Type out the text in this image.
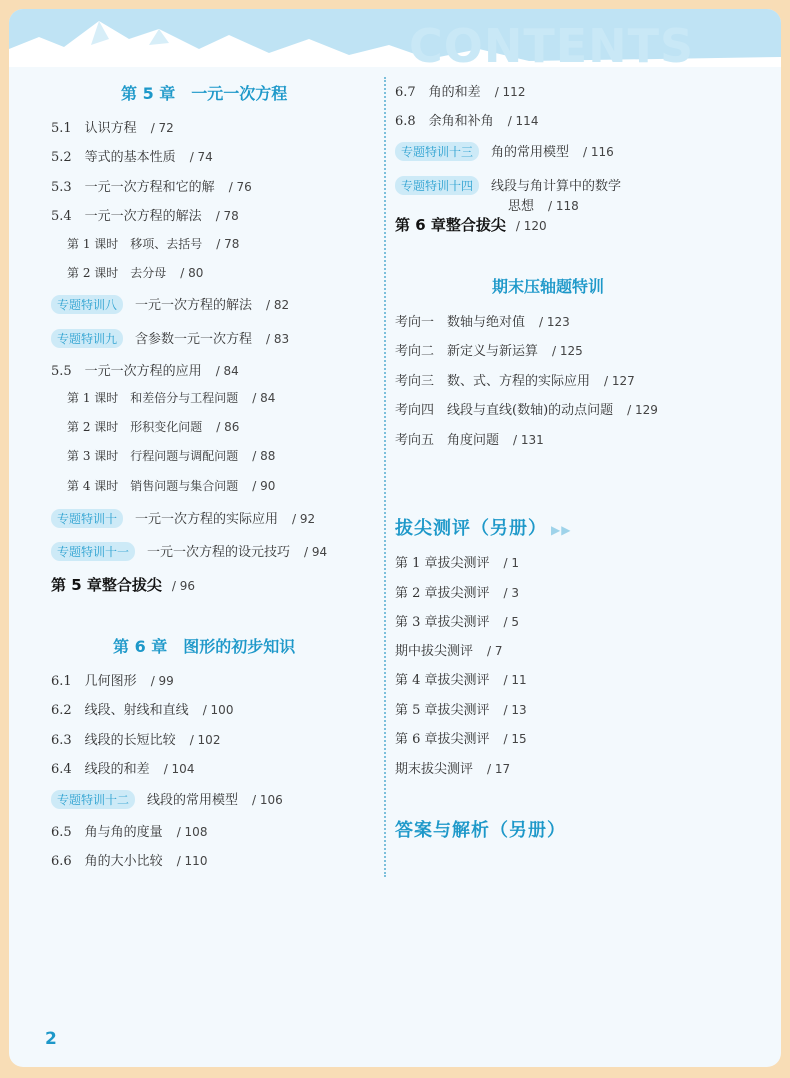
CONTENTS
第 5 章　一元一次方程
5.1　认识方程 / 72
5.2　等式的基本性质 / 74
5.3　一元一次方程和它的解 / 76
5.4　一元一次方程的解法 / 78
第 1 课时　移项、去括号 / 78
第 2 课时　去分母 / 80
专题特训八 一元一次方程的解法 / 82
专题特训九 含参数一元一次方程 / 83
5.5　一元一次方程的应用 / 84
第 1 课时　和差倍分与工程问题 / 84
第 2 课时　形积变化问题 / 86
第 3 课时　行程问题与调配问题 / 88
第 4 课时　销售问题与集合问题 / 90
专题特训十 一元一次方程的实际应用 / 92
专题特训十一 一元一次方程的设元技巧 / 94
第 5 章整合拔尖 / 96
第 6 章　图形的初步知识
6.1　几何图形 / 99
6.2　线段、射线和直线 / 100
6.3　线段的长短比较 / 102
6.4　线段的和差 / 104
专题特训十二 线段的常用模型 / 106
6.5　角与角的度量 / 108
6.6　角的大小比较 / 110
6.7　角的和差 / 112
6.8　余角和补角 / 114
专题特训十三 角的常用模型 / 116
专题特训十四 线段与角计算中的数学
思想 / 118
第 6 章整合拔尖 / 120
期末压轴题特训
考向一　数轴与绝对值 / 123
考向二　新定义与新运算 / 125
考向三　数、式、方程的实际应用 / 127
考向四　线段与直线(数轴)的动点问题 / 129
考向五　角度问题 / 131
拔尖测评（另册） ▶▶
第 1 章拔尖测评 / 1
第 2 章拔尖测评 / 3
第 3 章拔尖测评 / 5
期中拔尖测评 / 7
第 4 章拔尖测评 / 11
第 5 章拔尖测评 / 13
第 6 章拔尖测评 / 15
期末拔尖测评 / 17
答案与解析（另册）
2
